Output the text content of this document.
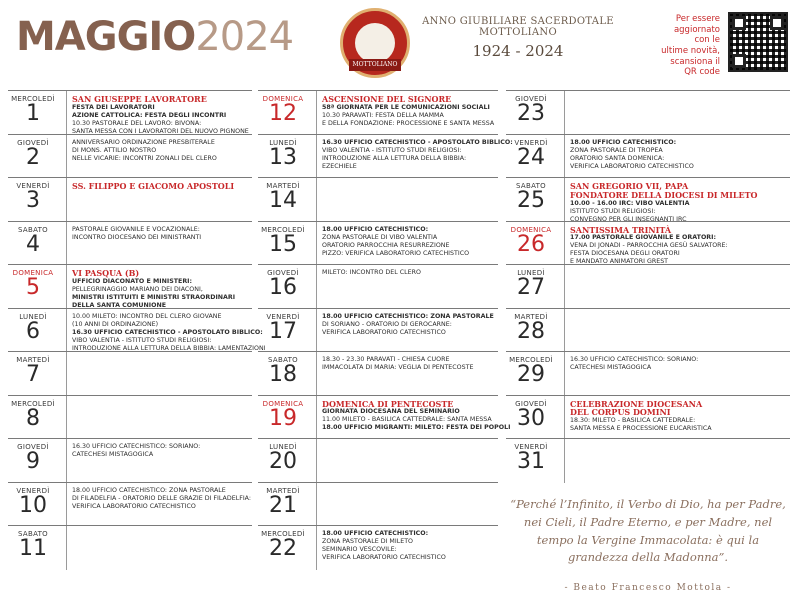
MAGGIO2024
MOTTOLIANO
ANNO GIUBILIARE SACERDOTALE MOTTOLIANO
1924 - 2024
Per essere
aggiornato
con le
ultime novità,
scansiona il
QR code
MERCOLEDÌ
1
SAN GIUSEPPE LAVORATORE
FESTA DEI LAVORATORI
AZIONE CATTOLICA: FESTA DEGLI INCONTRI
10.30 PASTORALE DEL LAVORO: BIVONA:
SANTA MESSA CON I LAVORATORI DEL NUOVO PIGNONE
GIOVEDÌ
2
ANNIVERSARIO ORDINAZIONE PRESBITERALE
DI MONS. ATTILIO NOSTRO
NELLE VICARIE: INCONTRI ZONALI DEL CLERO
VENERDÌ
3
SS. FILIPPO E GIACOMO APOSTOLI
SABATO
4
PASTORALE GIOVANILE E VOCAZIONALE:
INCONTRO DIOCESANO DEI MINISTRANTI
DOMENICA
5
VI PASQUA (B)
UFFICIO DIACONATO E MINISTERI:
PELLEGRINAGGIO MARIANO DEI DIACONI,
MINISTRI ISTITUITI E MINISTRI STRAORDINARI
DELLA SANTA COMUNIONE
LUNEDÌ
6
10.00 MILETO: INCONTRO DEL CLERO GIOVANE
(10 ANNI DI ORDINAZIONE)
16.30 UFFICIO CATECHISTICO - APOSTOLATO BIBLICO:
VIBO VALENTIA - ISTITUTO STUDI RELIGIOSI:
INTRODUZIONE ALLA LETTURA DELLA BIBBIA: LAMENTAZIONI
MARTEDÌ
7
MERCOLEDÌ
8
GIOVEDÌ
9
16.30 UFFICIO CATECHISTICO: SORIANO:
CATECHESI MISTAGOGICA
VENERDÌ
10
18.00 UFFICIO CATECHISTICO: ZONA PASTORALE
DI FILADELFIA - ORATORIO DELLE GRAZIE DI FILADELFIA:
VERIFICA LABORATORIO CATECHISTICO
SABATO
11
DOMENICA
12
ASCENSIONE DEL SIGNORE
58ª GIORNATA PER LE COMUNICAZIONI SOCIALI
10.30 PARAVATI: FESTA DELLA MAMMA
E DELLA FONDAZIONE: PROCESSIONE E SANTA MESSA
LUNEDÌ
13
16.30 UFFICIO CATECHISTICO - APOSTOLATO BIBLICO:
VIBO VALENTIA - ISTITUTO STUDI RELIGIOSI:
INTRODUZIONE ALLA LETTURA DELLA BIBBIA:
EZECHIELE
MARTEDÌ
14
MERCOLEDÌ
15
18.00 UFFICIO CATECHISTICO:
ZONA PASTORALE DI VIBO VALENTIA
ORATORIO PARROCCHIA RESURREZIONE
PIZZO: VERIFICA LABORATORIO CATECHISTICO
GIOVEDÌ
16
MILETO: INCONTRO DEL CLERO
VENERDÌ
17
18.00 UFFICIO CATECHISTICO: ZONA PASTORALE
DI SORIANO - ORATORIO DI GEROCARNE:
VERIFICA LABORATORIO CATECHISTICO
SABATO
18
18.30 - 23.30 PARAVATI - CHIESA CUORE
IMMACOLATA DI MARIA: VEGLIA DI PENTECOSTE
DOMENICA
19
DOMENICA DI PENTECOSTE
GIORNATA DIOCESANA DEL SEMINARIO
11.00 MILETO - BASILICA CATTEDRALE: SANTA MESSA
18.00 UFFICIO MIGRANTI: MILETO: FESTA DEI POPOLI
LUNEDÌ
20
MARTEDÌ
21
MERCOLEDÌ
22
18.00 UFFICIO CATECHISTICO:
ZONA PASTORALE DI MILETO
SEMINARIO VESCOVILE:
VERIFICA LABORATORIO CATECHISTICO
GIOVEDÌ
23
VENERDÌ
24
18.00 UFFICIO CATECHISTICO:
ZONA PASTORALE DI TROPEA
ORATORIO SANTA DOMENICA:
VERIFICA LABORATORIO CATECHISTICO
SABATO
25
SAN GREGORIO VII, PAPA
FONDATORE DELLA DIOCESI DI MILETO
10.00 - 16.00 IRC: VIBO VALENTIA
ISTITUTO STUDI RELIGIOSI:
CONVEGNO PER GLI INSEGNANTI IRC
DOMENICA
26
SANTISSIMA TRINITÀ
17.00 PASTORALE GIOVANILE E ORATORI:
VENA DI JONADI - PARROCCHIA GESÙ SALVATORE:
FESTA DIOCESANA DEGLI ORATORI
E MANDATO ANIMATORI GREST
LUNEDÌ
27
MARTEDÌ
28
MERCOLEDÌ
29
16.30 UFFICIO CATECHISTICO: SORIANO:
CATECHESI MISTAGOGICA
GIOVEDÌ
30
CELEBRAZIONE DIOCESANA
DEL CORPUS DOMINI
18.30: MILETO - BASILICA CATTEDRALE:
SANTA MESSA E PROCESSIONE EUCARISTICA
VENERDÌ
31
“Perché l’Infinito, il Verbo di Dio, ha per Padre, nei Cieli, il Padre Eterno, e per Madre, nel tempo la Vergine Immacolata: è qui la grandezza della Madonna”.
- Beato Francesco Mottola -
